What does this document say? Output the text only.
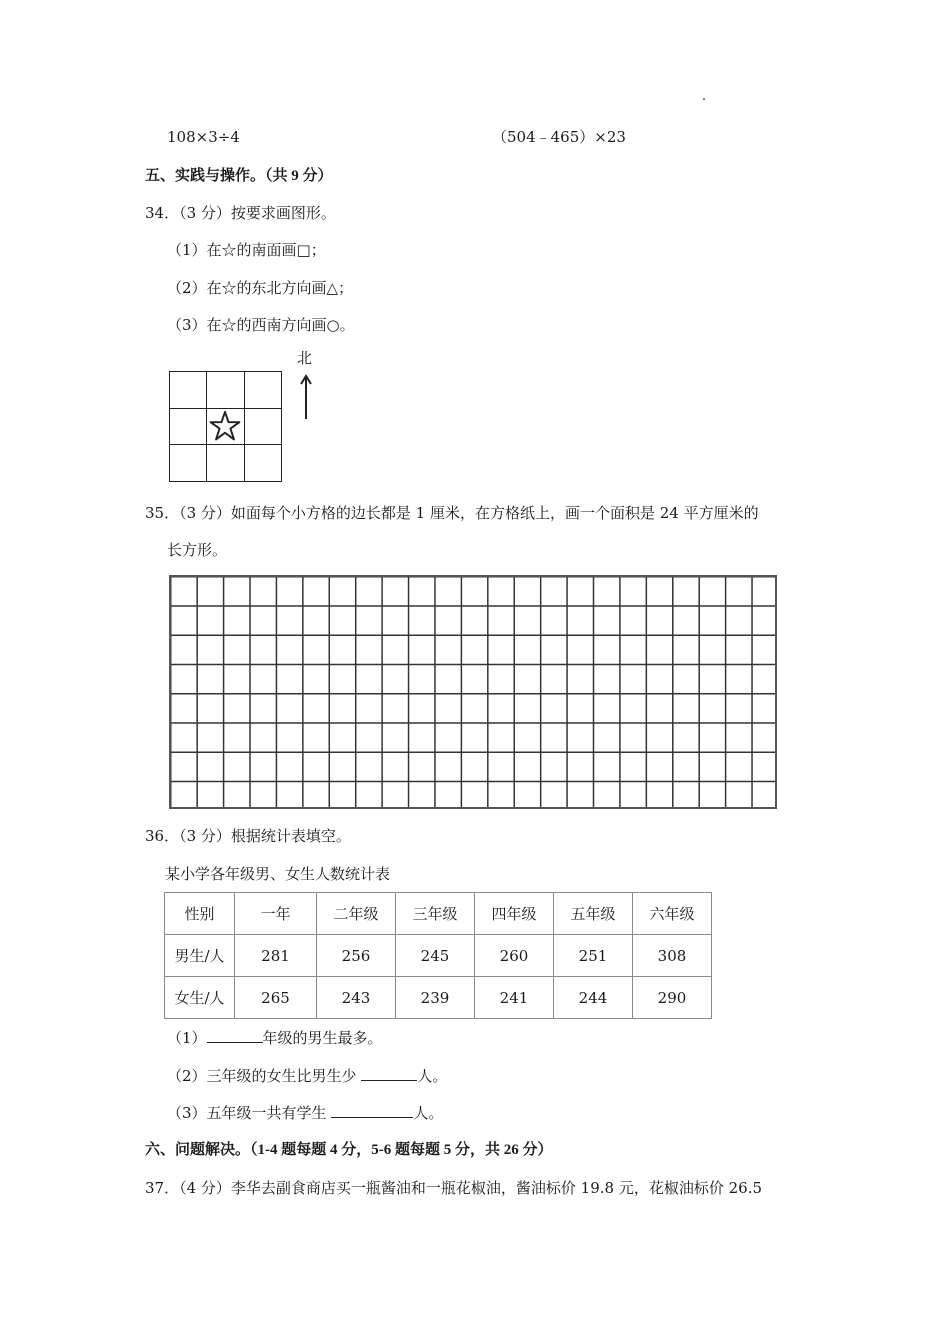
108×3÷4	（504﹣465）×23
五、实践与操作。（共 9 分）
34．（3 分）按要求画图形。
（1）在☆的南面画□；
（2）在☆的东北方向画△；
（3）在☆的西南方向画○。
北
35．（3 分）如面每个小方格的边长都是 1 厘米，在方格纸上，画一个面积是 24 平方厘米的
长方形。
36．（3 分）根据统计表填空。
某小学各年级男、女生人数统计表
性别	一年	二年级	三年级	四年级	五年级	六年级
男生/人	281	256	245	260	251	308
女生/人	265	243	239	241	244	290
（1）	年级的男生最多。
（2）三年级的女生比男生少	人。
（3）五年级一共有学生	人。
六、问题解决。（1-4 题每题 4 分，5-6 题每题 5 分，共 26 分）
37．（4 分）李华去副食商店买一瓶酱油和一瓶花椒油，酱油标价 19.8 元，花椒油标价 26.5
